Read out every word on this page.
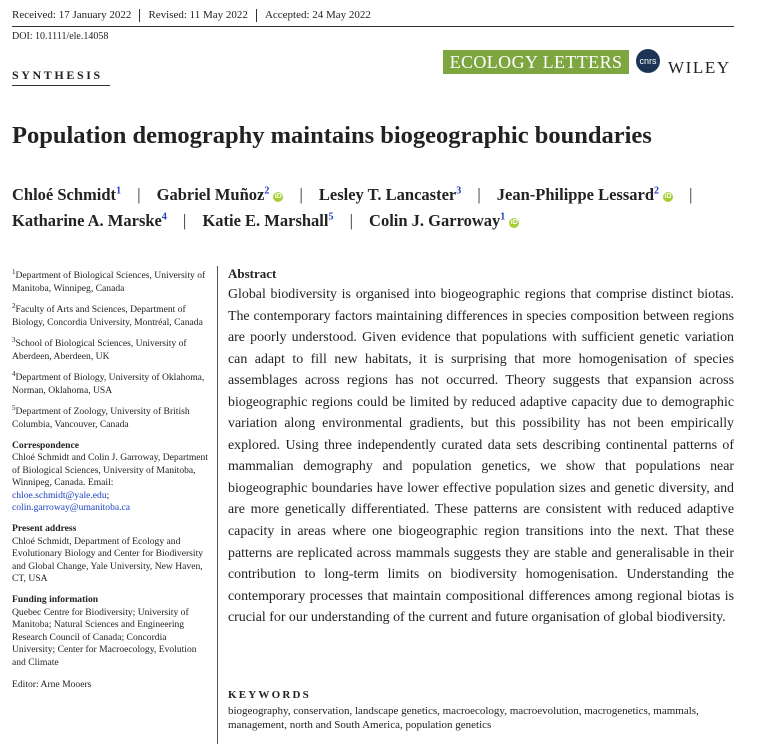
Received: 17 January 2022	Revised: 11 May 2022	Accepted: 24 May 2022
DOI: 10.1111/ele.14058
SYNTHESIS
ECOLOGY LETTERS	cnrs WILEY
Population demography maintains biogeographic boundaries
Chloé Schmidt$^1$ | Gabriel Muñoz$^2$ iD | Lesley T. Lancaster$^3$ | Jean-Philippe Lessard$^2$ iD |
Katharine A. Marske$^4$ | Katie E. Marshall$^5$ | Colin J. Garroway$^1$ iD
$^1$Department of Biological Sciences, University of Manitoba, Winnipeg, Canada
$^2$Faculty of Arts and Sciences, Department of Biology, Concordia University, Montréal, Canada
$^3$School of Biological Sciences, University of Aberdeen, Aberdeen, UK
$^4$Department of Biology, University of Oklahoma, Norman, Oklahoma, USA
$^5$Department of Zoology, University of British Columbia, Vancouver, Canada
Correspondence
Chloé Schmidt and Colin J. Garroway, Department of Biological Sciences, University of Manitoba, Winnipeg, Canada. Email: chloe.schmidt@yale.edu; colin.garroway@umanitoba.ca
Present address
Chloé Schmidt, Department of Ecology and Evolutionary Biology and Center for Biodiversity and Global Change, Yale University, New Haven, CT, USA
Funding information
Quebec Centre for Biodiversity; University of Manitoba; Natural Sciences and Engineering Research Council of Canada; Concordia University; Center for Macroecology, Evolution and Climate
Editor: Arne Mooers

Abstract

Global biodiversity is organised into biogeographic regions that comprise distinct biotas. The contemporary factors maintaining differences in species composition between regions are poorly understood. Given evidence that populations with sufficient genetic variation can adapt to fill new habitats, it is surprising that more homogenisation of species assemblages across regions has not occurred. Theory suggests that expansion across biogeographic regions could be limited by reduced adaptive capacity due to demographic variation along environmental gradients, but this possibility has not been empirically explored. Using three independently curated data sets describing continental patterns of mammalian demography and population genetics, we show that populations near biogeographic boundaries have lower effective population sizes and genetic diversity, and are more genetically differentiated. These patterns are consistent with reduced adaptive capacity in areas where one biogeographic region transitions into the next. That these patterns are replicated across mammals suggests they are stable and generalisable in their contribution to long-term limits on biodiversity homogenisation. Understanding the contemporary processes that maintain compositional differences among regional biotas is crucial for our understanding of the current and future organisation of global biodiversity.

KEYWORDS
biogeography, conservation, landscape genetics, macroecology, macroevolution, macrogenetics, mammals, management, north and South America, population genetics
